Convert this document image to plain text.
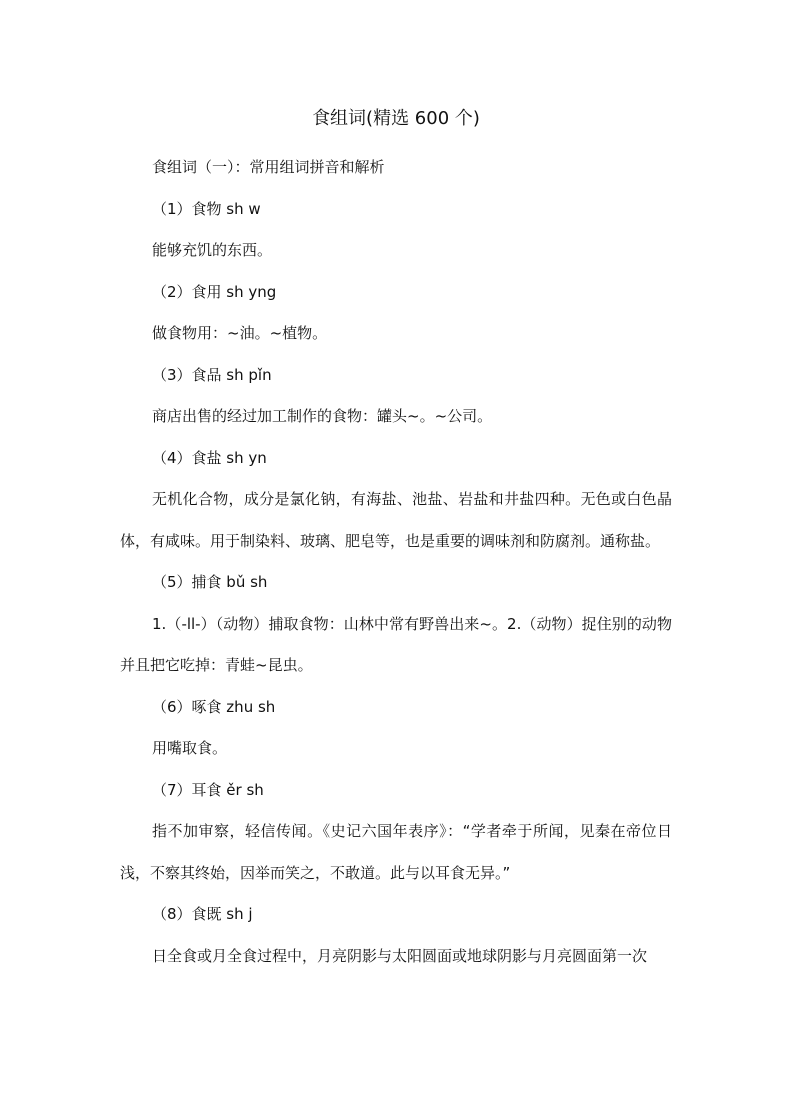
食组词(精选 600 个)

食组词（一）：常用组词拼音和解析

（1）食物 sh w

能够充饥的东西。

（2）食用 sh yng

做食物用：~油。~植物。

（3）食品 sh pǐn

商店出售的经过加工制作的食物：罐头~。~公司。

（4）食盐 sh yn

无机化合物，成分是氯化钠，有海盐、池盐、岩盐和井盐四种。无色或白色晶体，有咸味。用于制染料、玻璃、肥皂等，也是重要的调味剂和防腐剂。通称盐。

（5）捕食 bǔ sh

1.（-ll-）（动物）捕取食物：山林中常有野兽出来~。2.（动物）捉住别的动物并且把它吃掉：青蛙~昆虫。

（6）啄食 zhu sh

用嘴取食。

（7）耳食 ěr sh

指不加审察，轻信传闻。《史记六国年表序》：“学者牵于所闻，见秦在帝位日浅，不察其终始，因举而笑之，不敢道。此与以耳食无异。”

（8）食既 sh j

日全食或月全食过程中，月亮阴影与太阳圆面或地球阴影与月亮圆面第一次
